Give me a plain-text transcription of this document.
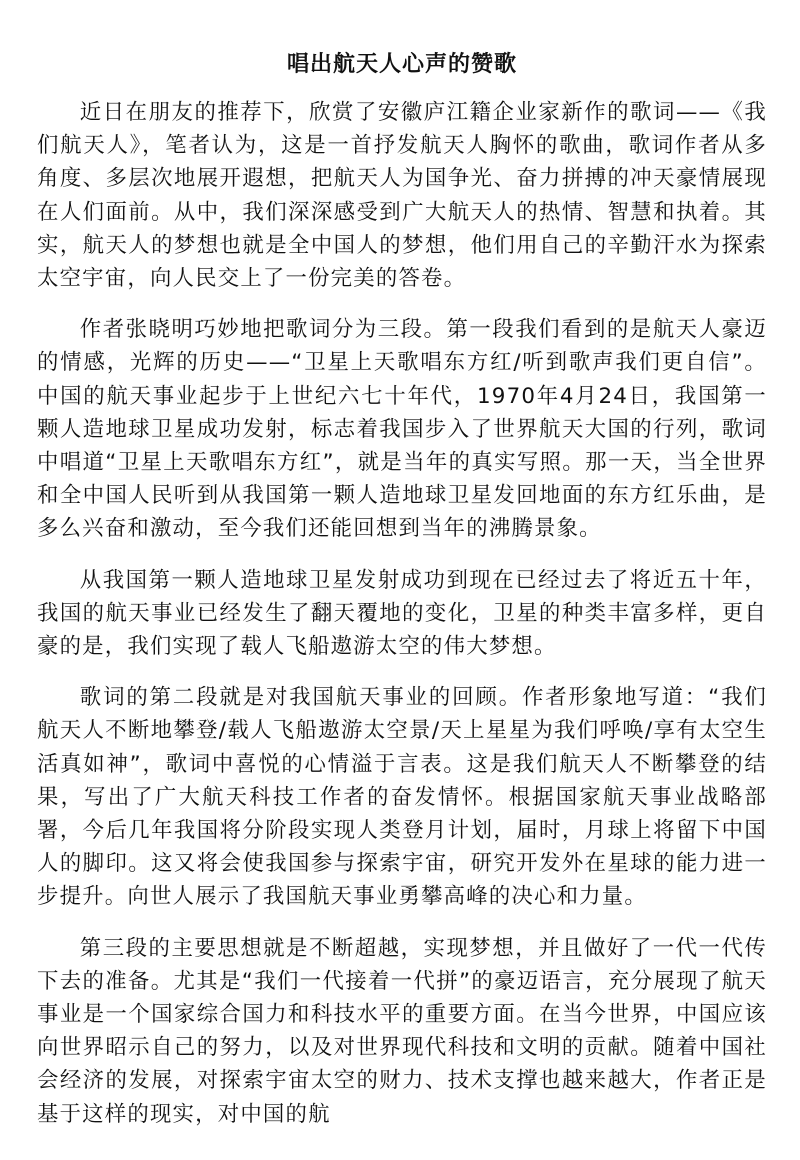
唱出航天人心声的赞歌

近日在朋友的推荐下，欣赏了安徽庐江籍企业家新作的歌词——《我们航天人》，笔者认为，这是一首抒发航天人胸怀的歌曲，歌词作者从多角度、多层次地展开遐想，把航天人为国争光、奋力拼搏的冲天豪情展现在人们面前。从中，我们深深感受到广大航天人的热情、智慧和执着。其实，航天人的梦想也就是全中国人的梦想，他们用自己的辛勤汗水为探索太空宇宙，向人民交上了一份完美的答卷。

作者张晓明巧妙地把歌词分为三段。第一段我们看到的是航天人豪迈的情感，光辉的历史——“卫星上天歌唱东方红/听到歌声我们更自信”。中国的航天事业起步于上世纪六七十年代，1970年4月24日，我国第一颗人造地球卫星成功发射，标志着我国步入了世界航天大国的行列，歌词中唱道“卫星上天歌唱东方红”，就是当年的真实写照。那一天，当全世界和全中国人民听到从我国第一颗人造地球卫星发回地面的东方红乐曲，是多么兴奋和激动，至今我们还能回想到当年的沸腾景象。

从我国第一颗人造地球卫星发射成功到现在已经过去了将近五十年，我国的航天事业已经发生了翻天覆地的变化，卫星的种类丰富多样，更自豪的是，我们实现了载人飞船遨游太空的伟大梦想。

歌词的第二段就是对我国航天事业的回顾。作者形象地写道：“我们航天人不断地攀登/载人飞船遨游太空景/天上星星为我们呼唤/享有太空生活真如神”，歌词中喜悦的心情溢于言表。这是我们航天人不断攀登的结果，写出了广大航天科技工作者的奋发情怀。根据国家航天事业战略部署，今后几年我国将分阶段实现人类登月计划，届时，月球上将留下中国人的脚印。这又将会使我国参与探索宇宙，研究开发外在星球的能力进一步提升。向世人展示了我国航天事业勇攀高峰的决心和力量。

第三段的主要思想就是不断超越，实现梦想，并且做好了一代一代传下去的准备。尤其是“我们一代接着一代拼”的豪迈语言，充分展现了航天事业是一个国家综合国力和科技水平的重要方面。在当今世界，中国应该向世界昭示自己的努力，以及对世界现代科技和文明的贡献。随着中国社会经济的发展，对探索宇宙太空的财力、技术支撑也越来越大，作者正是基于这样的现实，对中国的航
